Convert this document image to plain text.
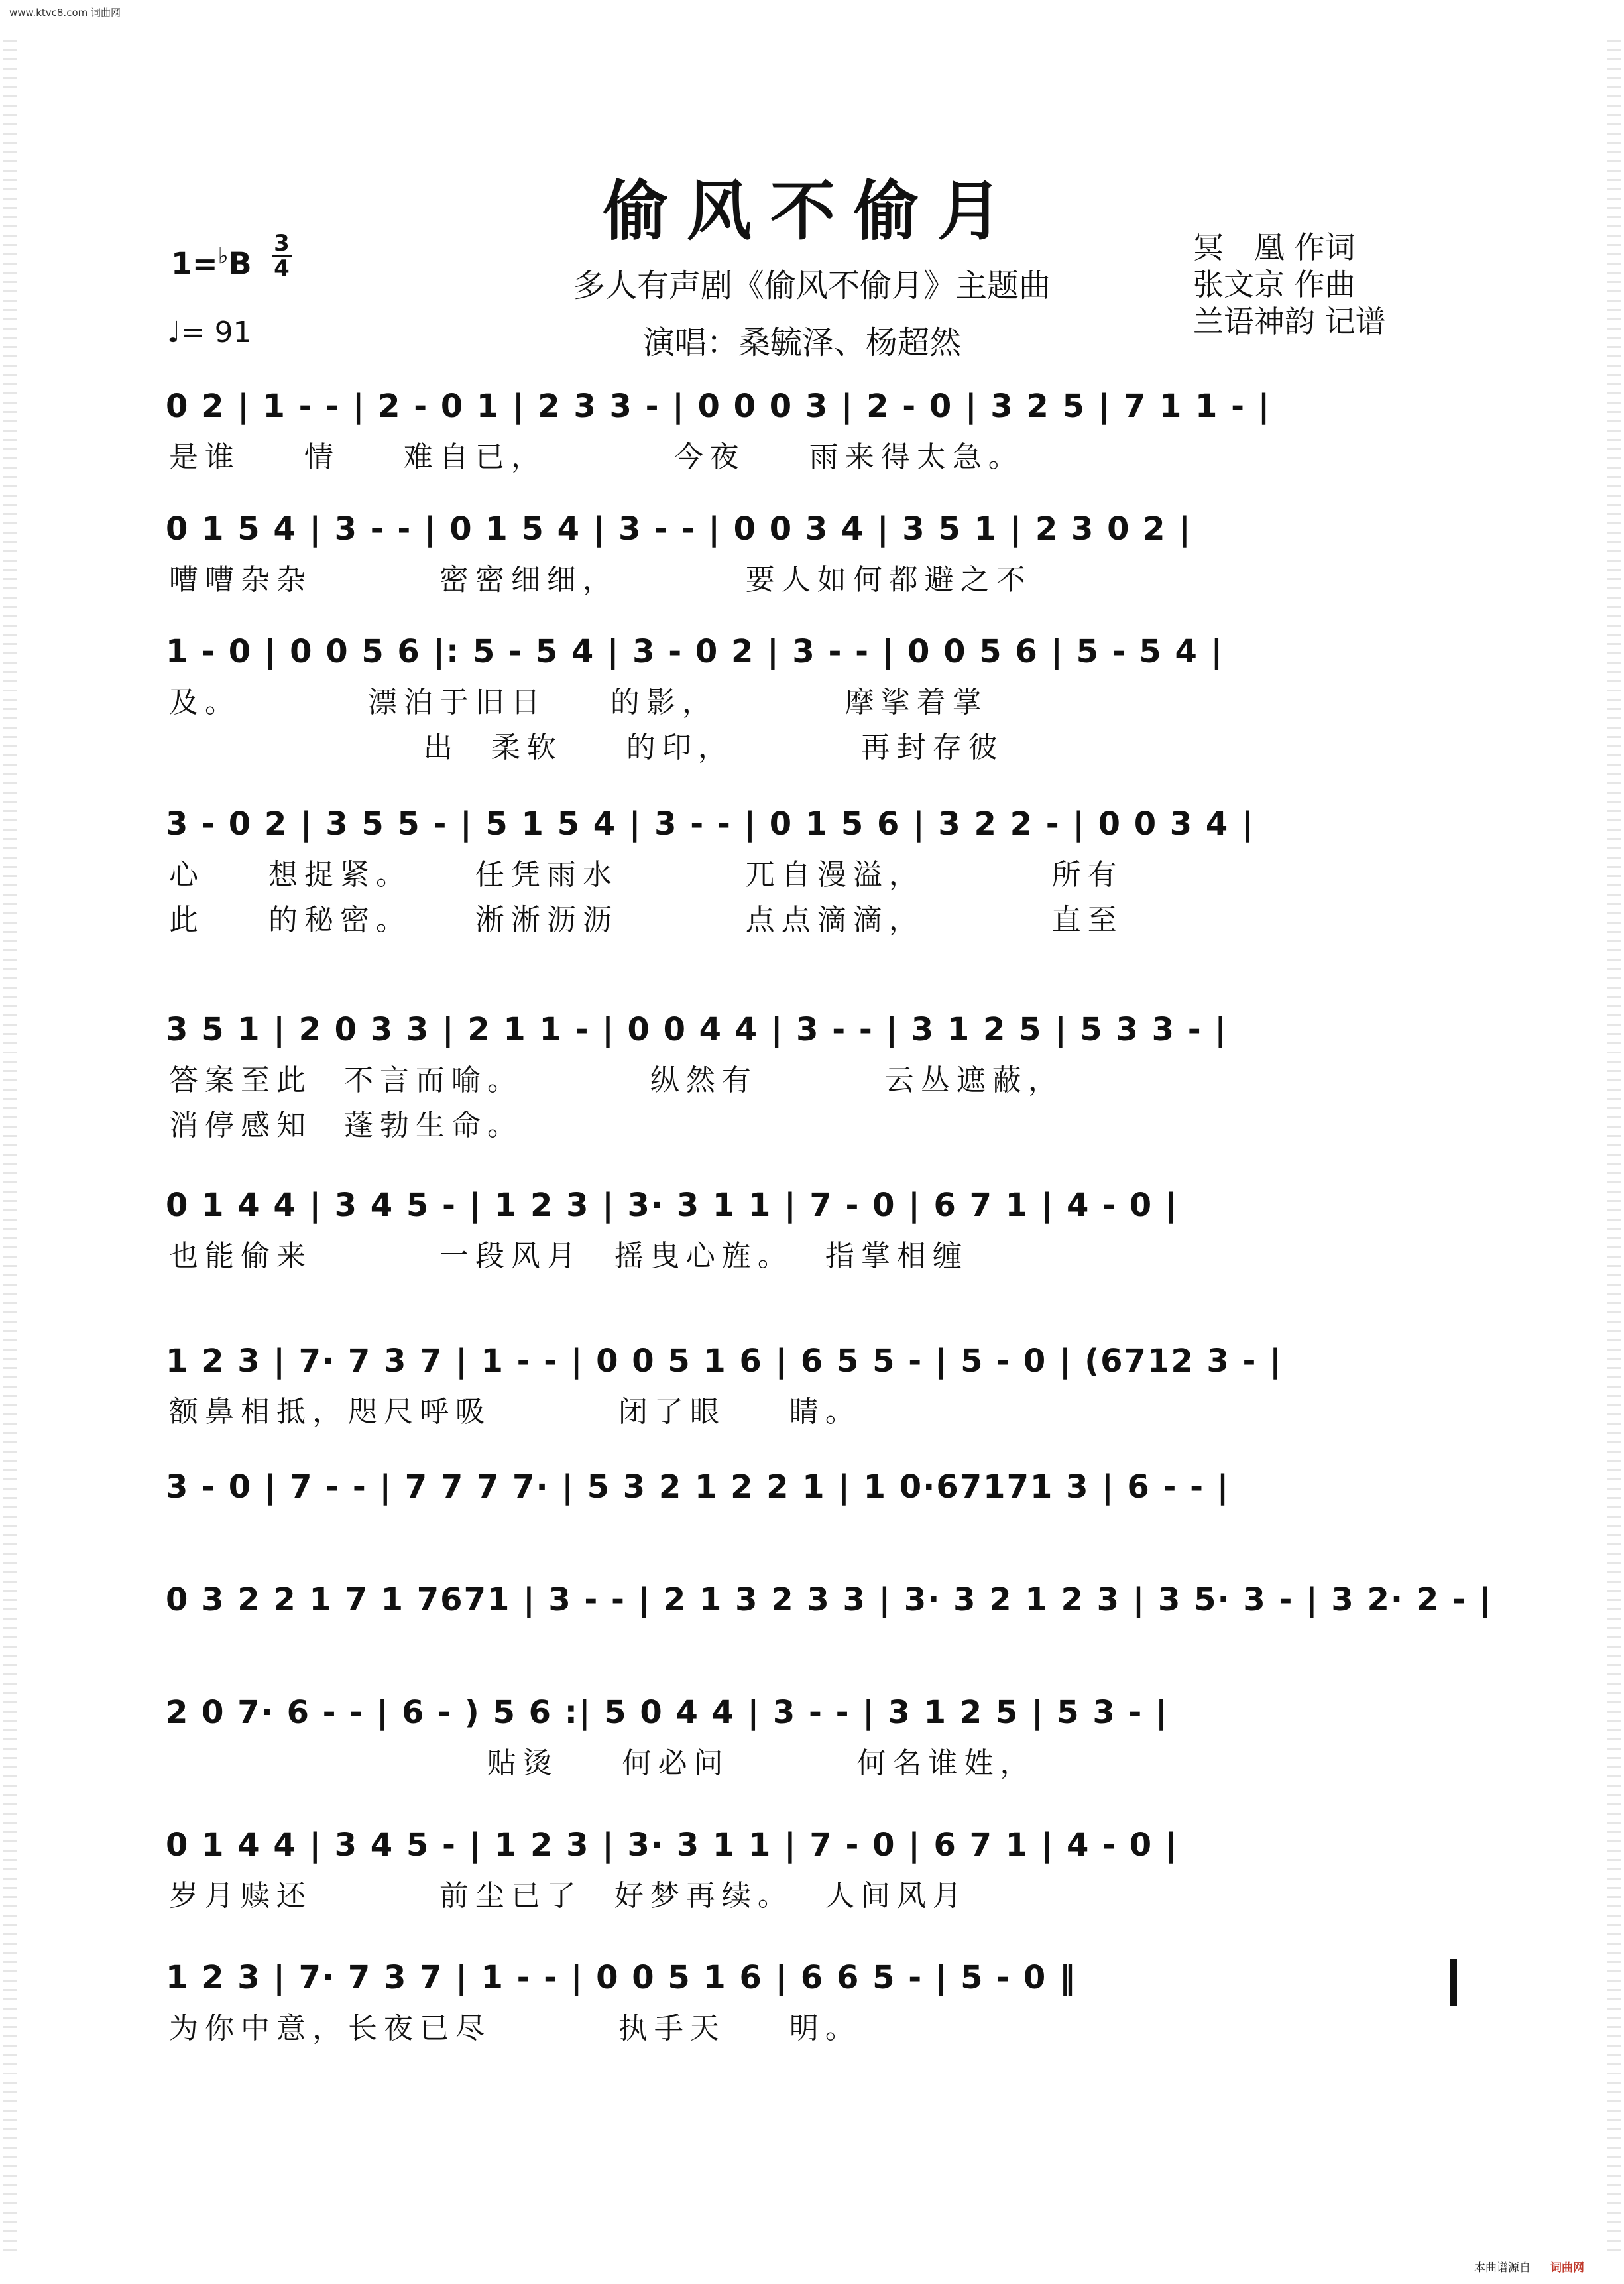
www.ktvc8.com 词曲网
偷风不偷月
多人有声剧《偷风不偷月》主题曲
演唱：桑毓泽、杨超然
1=♭B
3
4
♩= 91
冥　凰 作词
张文京 作曲
兰语神韵 记谱
0 2 | 1 - - | 2 - 0 1 | 2 3 3 - | 0 0 0 3 | 2 - 0 | 3 2 5 | 7 1 1 - |
是谁    情    难自已，        今夜    雨来得太急。
0 1 5 4 | 3 - - | 0 1 5 4 | 3 - - | 0 0 3 4 | 3 5 1 | 2 3 0 2 |
嘈嘈杂杂        密密细细，        要人如何都避之不
1 - 0 | 0 0 5 6 |: 5 - 5 4 | 3 - 0 2 | 3 - - | 0 0 5 6 | 5 - 5 4 |
及。        漂泊于旧日    的影，        摩挲着掌
出  柔软    的印，        再封存彼
3 - 0 2 | 3 5 5 - | 5 1 5 4 | 3 - - | 0 1 5 6 | 3 2 2 - | 0 0 3 4 |
心    想捉紧。    任凭雨水        兀自漫溢，        所有
此    的秘密。    淅淅沥沥        点点滴滴，        直至
3 5 1 | 2 0 3 3 | 2 1 1 - | 0 0 4 4 | 3 - - | 3 1 2 5 | 5 3 3 - |
答案至此  不言而喻。        纵然有        云丛遮蔽，
消停感知  蓬勃生命。
0 1 4 4 | 3 4 5 - | 1 2 3 | 3· 3 1 1 | 7 - 0 | 6 7 1 | 4 - 0 |
也能偷来        一段风月  摇曳心旌。  指掌相缠
1 2 3 | 7· 7 3 7 | 1 - - | 0 0 5 1 6 | 6 5 5 - | 5 - 0 | (6712 3 - |
额鼻相抵，咫尺呼吸        闭了眼    睛。
3 - 0 | 7 - - | 7 7 7 7· | 5 3 2 1 2 2 1 | 1 0·67171 3 | 6 - - |
0 3 2 2 1 7 1 7671 | 3 - - | 2 1 3 2 3 3 | 3· 3 2 1 2 3 | 3 5· 3 - | 3 2· 2 - |
2 0 7· 6 - - | 6 - ) 5 6 :| 5 0 4 4 | 3 - - | 3 1 2 5 | 5 3 - |
贴烫    何必问        何名谁姓，
0 1 4 4 | 3 4 5 - | 1 2 3 | 3· 3 1 1 | 7 - 0 | 6 7 1 | 4 - 0 |
岁月赎还        前尘已了  好梦再续。  人间风月
1 2 3 | 7· 7 3 7 | 1 - - | 0 0 5 1 6 | 6 6 5 - | 5 - 0 ‖
为你中意，长夜已尽        执手天    明。
本曲谱源自 词曲网
